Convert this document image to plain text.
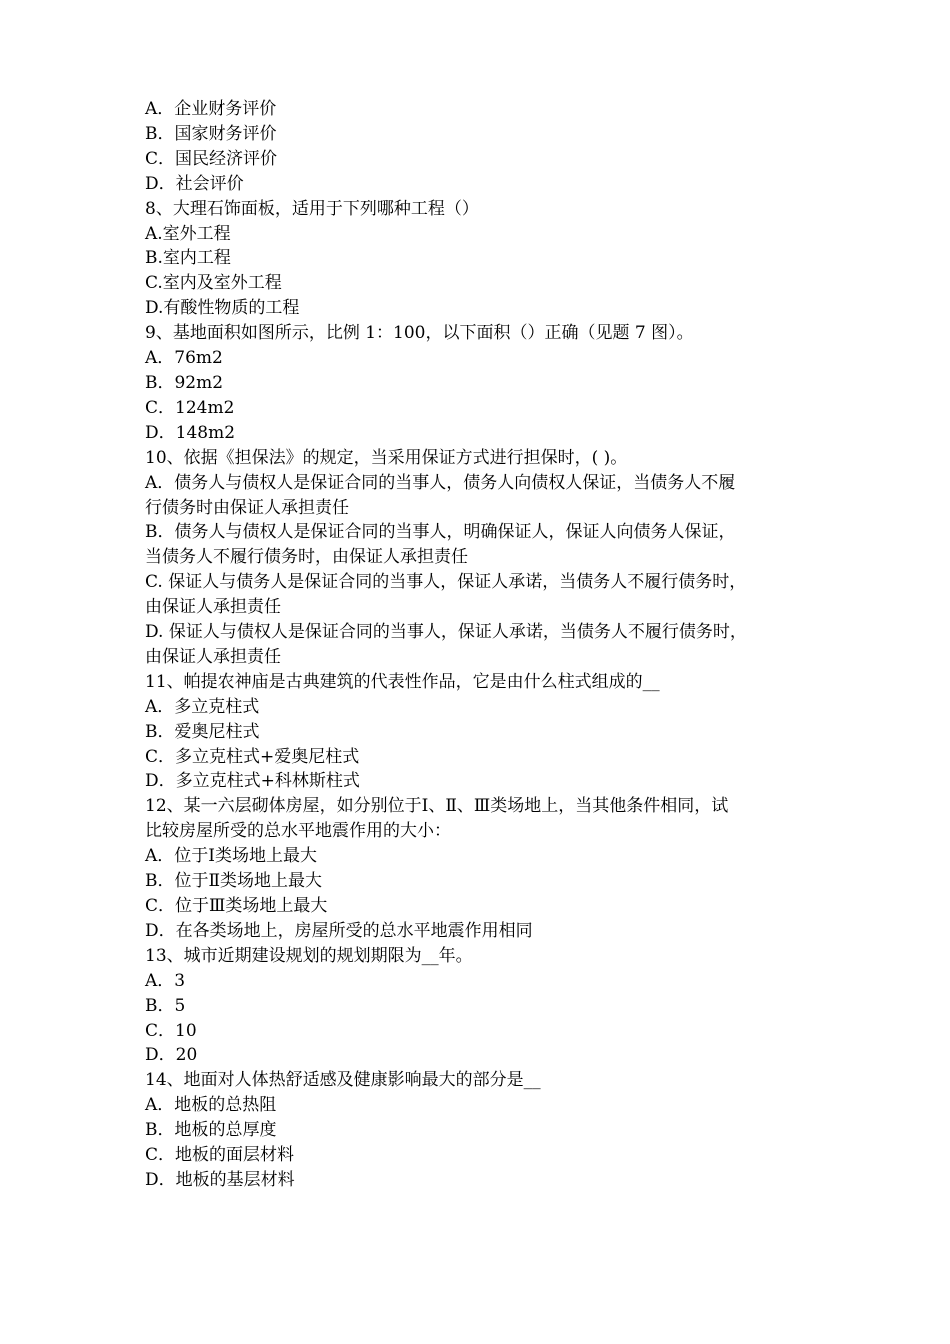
A．企业财务评价
B．国家财务评价
C．国民经济评价
D．社会评价
8、大理石饰面板，适用于下列哪种工程（）
A.室外工程
B.室内工程
C.室内及室外工程
D.有酸性物质的工程
9、基地面积如图所示，比例 1：100，以下面积（）正确（见题 7 图）。
A．76m2
B．92m2
C．124m2
D．148m2
10、依据《担保法》的规定，当采用保证方式进行担保时，( )。
A．债务人与债权人是保证合同的当事人，债务人向债权人保证，当债务人不履
行债务时由保证人承担责任
B．债务人与债权人是保证合同的当事人，明确保证人，保证人向债务人保证，
当债务人不履行债务时，由保证人承担责任
C. 保证人与债务人是保证合同的当事人，保证人承诺，当债务人不履行债务时，
由保证人承担责任
D. 保证人与债权人是保证合同的当事人，保证人承诺，当债务人不履行债务时，
由保证人承担责任
11、帕提农神庙是古典建筑的代表性作品，它是由什么柱式组成的__
A．多立克柱式
B．爱奥尼柱式
C．多立克柱式+爱奥尼柱式
D．多立克柱式+科林斯柱式
12、某一六层砌体房屋，如分别位于Ⅰ、Ⅱ、Ⅲ类场地上，当其他条件相同，试
比较房屋所受的总水平地震作用的大小：
A．位于Ⅰ类场地上最大
B．位于Ⅱ类场地上最大
C．位于Ⅲ类场地上最大
D．在各类场地上，房屋所受的总水平地震作用相同
13、城市近期建设规划的规划期限为__年。
A．3
B．5
C．10
D．20
14、地面对人体热舒适感及健康影响最大的部分是__
A．地板的总热阻
B．地板的总厚度
C．地板的面层材料
D．地板的基层材料
